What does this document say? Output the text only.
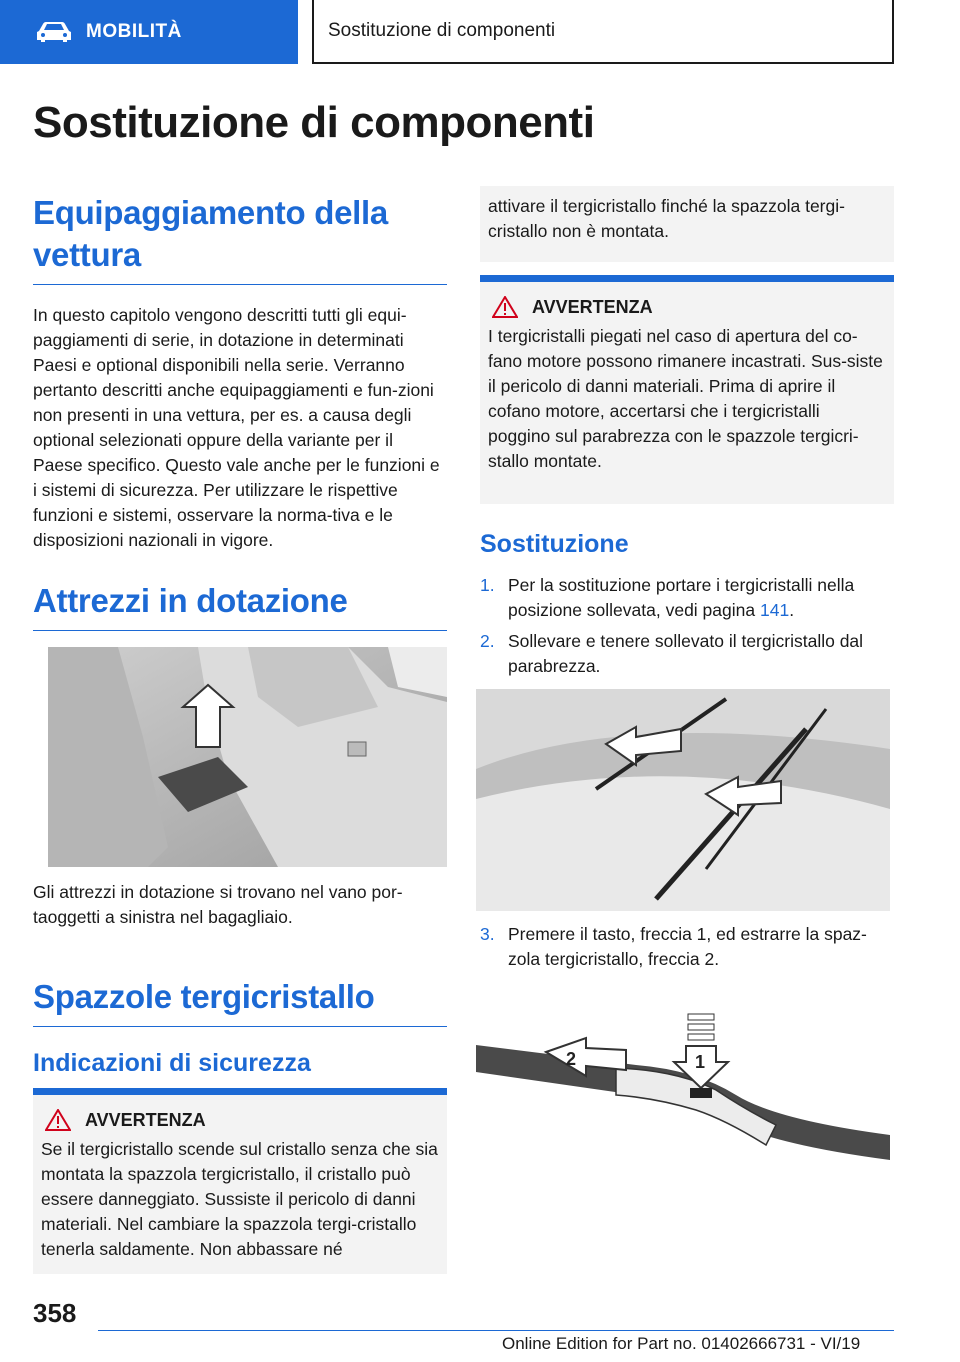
MOBILITÀ	Sostituzione di componenti
Sostituzione di componenti
Equipaggiamento della vettura

In questo capitolo vengono descritti tutti gli equi-paggiamenti di serie, in dotazione in determinati Paesi e optional disponibili nella serie. Verranno pertanto descritti anche equipaggiamenti e fun-zioni non presenti in una vettura, per es. a causa degli optional selezionati oppure della variante per il Paese specifico. Questo vale anche per le funzioni e i sistemi di sicurezza. Per utilizzare le rispettive funzioni e sistemi, osservare la norma-tiva e le disposizioni nazionali in vigore.

Attrezzi in dotazione

Gli attrezzi in dotazione si trovano nel vano por-taoggetti a sinistra nel bagagliaio.

Spazzole tergicristallo
Indicazioni di sicurezza
AVVERTENZA

Se il tergicristallo scende sul cristallo senza che sia montata la spazzola tergicristallo, il cristallo può essere danneggiato. Sussiste il pericolo di danni materiali. Nel cambiare la spazzola tergi-cristallo tenerla saldamente. Non abbassare né

attivare il tergicristallo finché la spazzola tergi-cristallo non è montata.

AVVERTENZA

I tergicristalli piegati nel caso di apertura del co-fano motore possono rimanere incastrati. Sus-siste il pericolo di danni materiali. Prima di aprire il cofano motore, accertarsi che i tergicristalli poggino sul parabrezza con le spazzole tergicri-stallo montate.

Sostituzione
1. Per la sostituzione portare i tergicristalli nella posizione sollevata, vedi pagina 141.
2. Sollevare e tenere sollevato il tergicristallo dal parabrezza.
3. Premere il tasto, freccia 1, ed estrarre la spaz-zola tergicristallo, freccia 2.
2	1
358
Online Edition for Part no. 01402666731 - VI/19
